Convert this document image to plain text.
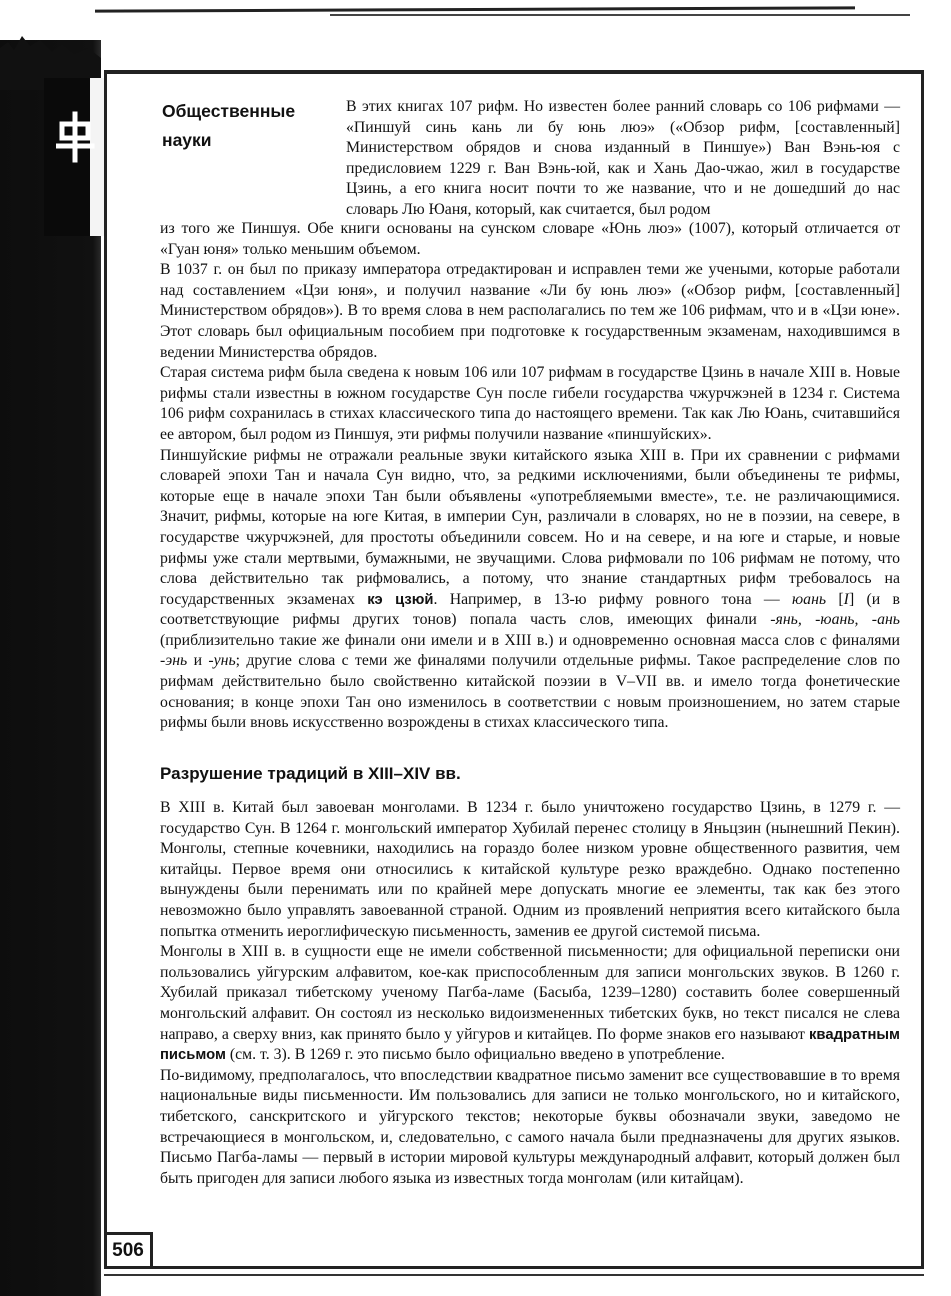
506
Общественные
науки
В этих книгах 107 рифм. Но известен более ранний словарь со 106 рифмами — «Пиншуй синь кань ли бу юнь люэ» («Обзор рифм, [составленный] Министерством обрядов и снова изданный в Пиншуе») Ван Вэнь-юя с предисловием 1229 г. Ван Вэнь-юй, как и Хань Дао-чжао, жил в государстве Цзинь, а его книга носит почти то же название, что и не дошедший до нас словарь Лю Юаня, который, как считается, был родом

из того же Пиншуя. Обе книги основаны на сунском словаре «Юнь люэ» (1007), который отличается от «Гуан юня» только меньшим объемом.

В 1037 г. он был по приказу императора отредактирован и исправлен теми же учеными, которые работали над составлением «Цзи юня», и получил название «Ли бу юнь люэ» («Обзор рифм, [составленный] Министерством обрядов»). В то время слова в нем располагались по тем же 106 рифмам, что и в «Цзи юне». Этот словарь был официальным пособием при подготовке к государственным экзаменам, находившимся в ведении Министерства обрядов.

Старая система рифм была сведена к новым 106 или 107 рифмам в государстве Цзинь в начале XIII в. Новые рифмы стали известны в южном государстве Сун после гибели государства чжурчжэней в 1234 г. Система 106 рифм сохранилась в стихах классического типа до настоящего времени. Так как Лю Юань, считавшийся ее автором, был родом из Пиншуя, эти рифмы получили название «пиншуйских».

Пиншуйские рифмы не отражали реальные звуки китайского языка XIII в. При их сравнении с рифмами словарей эпохи Тан и начала Сун видно, что, за редкими исключениями, были объединены те рифмы, которые еще в начале эпохи Тан были объявлены «употребляемыми вместе», т.е. не различающимися. Значит, рифмы, которые на юге Китая, в империи Сун, различали в словарях, но не в поэзии, на севере, в государстве чжурчжэней, для простоты объединили совсем. Но и на севере, и на юге и старые, и новые рифмы уже стали мертвыми, бумажными, не звучащими. Слова рифмовали по 106 рифмам не потому, что слова действительно так рифмовались, а потому, что знание стандартных рифм требовалось на государственных экзаменах кэ цзюй. Например, в 13-ю рифму ровного тона — юань [I] (и в соответствующие рифмы других тонов) попала часть слов, имеющих финали -янь, -юань, -ань (приблизительно такие же финали они имели и в XIII в.) и одновременно основная масса слов с финалями -энь и -унь; другие слова с теми же финалями получили отдельные рифмы. Такое распределение слов по рифмам действительно было свойственно китайской поэзии в V–VII вв. и имело тогда фонетические основания; в конце эпохи Тан оно изменилось в соответствии с новым произношением, но затем старые рифмы были вновь искусственно возрождены в стихах классического типа.

Разрушение традиций в XIII–XIV вв.

В XIII в. Китай был завоеван монголами. В 1234 г. было уничтожено государство Цзинь, в 1279 г. — государство Сун. В 1264 г. монгольский император Хубилай перенес столицу в Яньцзин (нынешний Пекин). Монголы, степные кочевники, находились на гораздо более низком уровне общественного развития, чем китайцы. Первое время они относились к китайской культуре резко враждебно. Однако постепенно вынуждены были перенимать или по крайней мере допускать многие ее элементы, так как без этого невозможно было управлять завоеванной страной. Одним из проявлений неприятия всего китайского была попытка отменить иероглифическую письменность, заменив ее другой системой письма.

Монголы в XIII в. в сущности еще не имели собственной письменности; для официальной переписки они пользовались уйгурским алфавитом, кое-как приспособленным для записи монгольских звуков. В 1260 г. Хубилай приказал тибетскому ученому Пагба-ламе (Басыба, 1239–1280) составить более совершенный монгольский алфавит. Он состоял из несколько видоизмененных тибетских букв, но текст писался не слева направо, а сверху вниз, как принято было у уйгуров и китайцев. По форме знаков его называют квадратным письмом (см. т. 3). В 1269 г. это письмо было официально введено в употребление.

По-видимому, предполагалось, что впоследствии квадратное письмо заменит все существовавшие в то время национальные виды письменности. Им пользовались для записи не только монгольского, но и китайского, тибетского, санскритского и уйгурского текстов; некоторые буквы обозначали звуки, заведомо не встречающиеся в монгольском, и, следовательно, с самого начала были предназначены для других языков. Письмо Пагба-ламы — первый в истории мировой культуры международный алфавит, который должен был быть пригоден для записи любого языка из известных тогда монголам (или китайцам).
